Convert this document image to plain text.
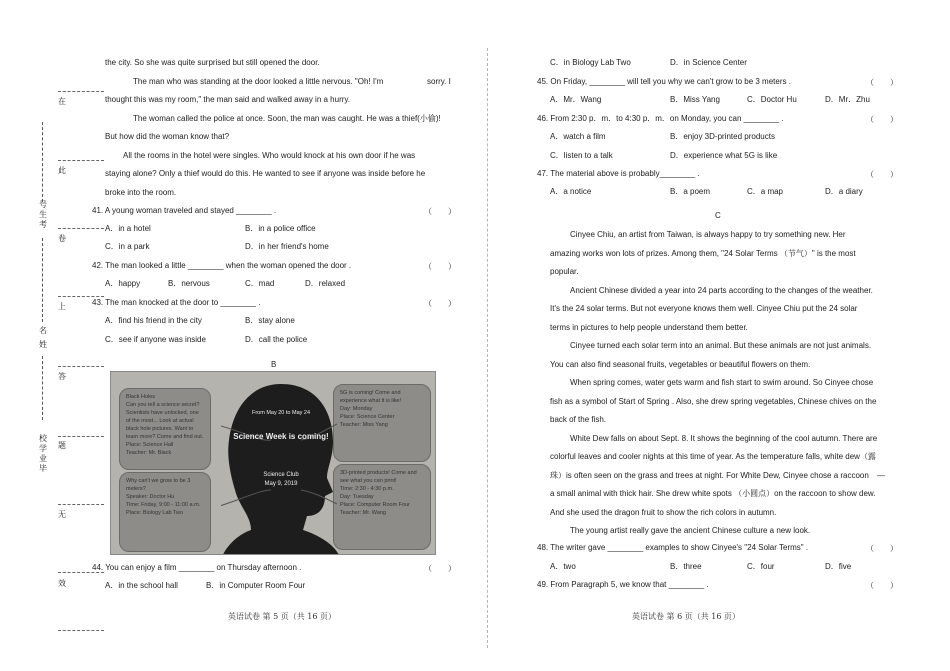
号
生
考
名
姓
校
学
业
毕
在
此
卷
上
答
题
无
效

the city. So she was quite surprised but still opened the door.

The man who was standing at the door looked a little nervous. "Oh! I'm	sorry. I

thought this was my room," the man said and walked away in a hurry.

The woman called the police at once. Soon, the man was caught. He was a thief(小偷)!

But how did the woman know that?

All the rooms in the hotel were singles. Who would knock at his own door if he was

staying alone? Only a thief would do this. He wanted to see if anyone was inside before he

broke into the room.

41. A young woman traveled and stayed ________ .	（　　）
A．in a hotel	B．in a police office
C．in a park	D．in her friend's home
42. The man looked a little ________ when the woman opened the door .	（　　）
A．happy	B．nervous	C．mad	D．relaxed
43. The man knocked at the door to ________ .	（　　）
A．find his friend in the city	B．stay alone
C．see if anyone was inside	D．call the police
B
Black Holes
Can you tell a science secret? Scientists have unlocked, one of the most... Look at actual black hole pictures. Want to learn more? Come and find out.
Place: Science Hall
Teacher: Mr. Black
Why can't we grow to be 3 meters?
Speaker: Doctor Hu
Time: Friday, 9:00 - 11:00 a.m.
Place: Biology Lab Two
5G is coming! Come and experience what it is like!
Day: Monday
Place: Science Center
Teacher: Miss Yang
3D-printed products! Come and see what you can print!
Time: 2:30 - 4:30 p.m.
Day: Tuesday
Place: Computer Room Four
Teacher: Mr. Wang
From May 20 to May 24
Science Week is coming!
Science Club
May 9, 2019
44. You can enjoy a film ________ on Thursday afternoon .	（　　）
A．in the school hall	B．in Computer Room Four
英语试卷 第 5 页（共 16 页）
C．in Biology Lab Two	D．in Science Center
45. On Friday, ________ will tell you why we can't grow to be 3 meters .	（　　）
A．Mr．Wang	B．Miss Yang	C．Doctor Hu	D．Mr．Zhu
46. From 2:30 p．m．to 4:30 p．m．on Monday, you can ________ .	（　　）
A．watch a film	B．enjoy 3D-printed products
C．listen to a talk	D．experience what 5G is like
47. The material above is probably________ .	（　　）
A．a notice	B．a poem	C．a map	D．a diary
C

Cinyee Chiu, an artist from Taiwan, is always happy to try something new. Her

amazing works won lots of prizes. Among them, "24 Solar Terms （节气）" is the most

popular.

Ancient Chinese divided a year into 24 parts according to the changes of the weather.

It's the 24 solar terms. But not everyone knows them well. Cinyee Chiu put the 24 solar

terms in pictures to help people understand them better.

Cinyee turned each solar term into an animal. But these animals are not just animals.

You can also find seasonal fruits, vegetables or beautiful flowers on them.

When spring comes, water gets warm and fish start to swim around. So Cinyee chose

fish as a symbol of Start of Spring . Also, she drew spring vegetables, Chinese chives on the

back of the fish.

White Dew falls on about Sept. 8. It shows the beginning of the cool autumn. There are

colorful leaves and cooler nights at this time of year. As the temperature falls, white dew（露

珠）is often seen on the grass and trees at night. For White Dew, Cinyee chose a raccoon　—

a small animal with thick hair. She drew white spots （小圆点）on the raccoon to show dew.

And she used the dragon fruit to show the rich colors in autumn.

The young artist really gave the ancient Chinese culture a new look.

48. The writer gave ________ examples to show Cinyee's "24 Solar Terms" .	（　　）
A．two	B．three	C．four	D．five
49. From Paragraph 5, we know that ________ .	（　　）
英语试卷 第 6 页（共 16 页）
